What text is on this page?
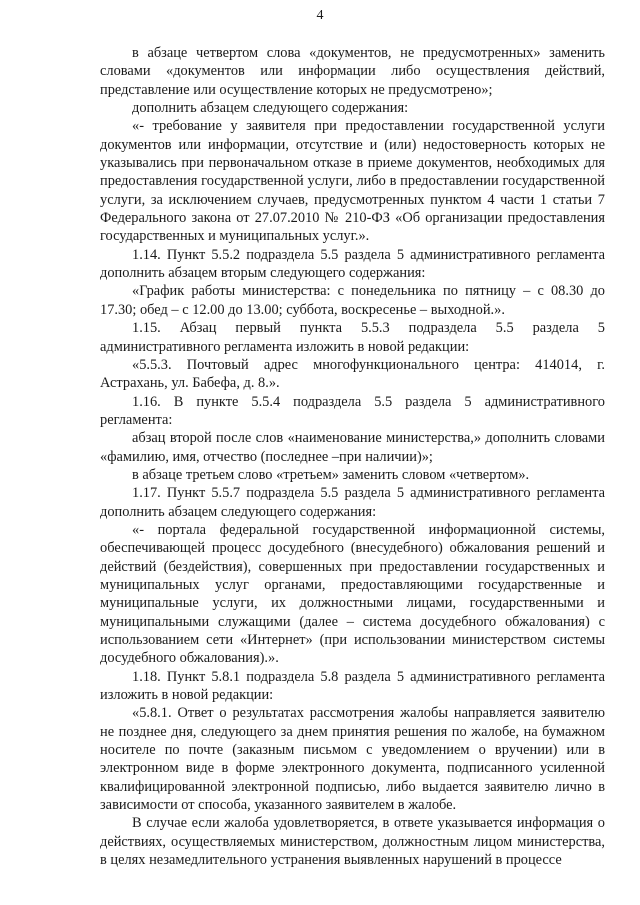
4

в абзаце четвертом слова «документов, не предусмотренных» заменить словами «документов или информации либо осуществления действий, представление или осуществление которых не предусмотрено»;

дополнить абзацем следующего содержания:

«- требование у заявителя при предоставлении государственной услуги документов или информации, отсутствие и (или) недостоверность которых не указывались при первоначальном отказе в приеме документов, необходимых для предоставления государственной услуги, либо в предоставлении государственной услуги, за исключением случаев, предусмотренных пунктом 4 части 1 статьи 7 Федерального закона от 27.07.2010 № 210-ФЗ «Об организации предоставления государственных и муниципальных услуг.».

1.14. Пункт 5.5.2 подраздела 5.5 раздела 5 административного регламента дополнить абзацем вторым следующего содержания:

«График работы министерства: с понедельника по пятницу – с 08.30 до 17.30; обед – с 12.00 до 13.00; суббота, воскресенье – выходной.».

1.15. Абзац первый пункта 5.5.3 подраздела 5.5 раздела 5 административного регламента изложить в новой редакции:

«5.5.3. Почтовый адрес многофункционального центра: 414014, г. Астрахань, ул. Бабефа, д. 8.».

1.16. В пункте 5.5.4 подраздела 5.5 раздела 5 административного регламента:

абзац второй после слов «наименование министерства,» дополнить словами «фамилию, имя, отчество (последнее –при наличии)»;

в абзаце третьем слово «третьем» заменить словом «четвертом».

1.17. Пункт 5.5.7 подраздела 5.5 раздела 5 административного регламента дополнить абзацем следующего содержания:

«- портала федеральной государственной информационной системы, обеспечивающей процесс досудебного (внесудебного) обжалования решений и действий (бездействия), совершенных при предоставлении государственных и муниципальных услуг органами, предоставляющими государственные и муниципальные услуги, их должностными лицами, государственными и муниципальными служащими (далее – система досудебного обжалования) с использованием сети «Интернет» (при использовании министерством системы досудебного обжалования).».

1.18. Пункт 5.8.1 подраздела 5.8 раздела 5 административного регламента изложить в новой редакции:

«5.8.1. Ответ о результатах рассмотрения жалобы направляется заявителю не позднее дня, следующего за днем принятия решения по жалобе, на бумажном носителе по почте (заказным письмом с уведомлением о вручении) или в электронном виде в форме электронного документа, подписанного усиленной квалифицированной электронной подписью, либо выдается заявителю лично в зависимости от способа, указанного заявителем в жалобе.

В случае если жалоба удовлетворяется, в ответе указывается информация о действиях, осуществляемых министерством, должностным лицом министерства, в целях незамедлительного устранения выявленных нарушений в процессе
